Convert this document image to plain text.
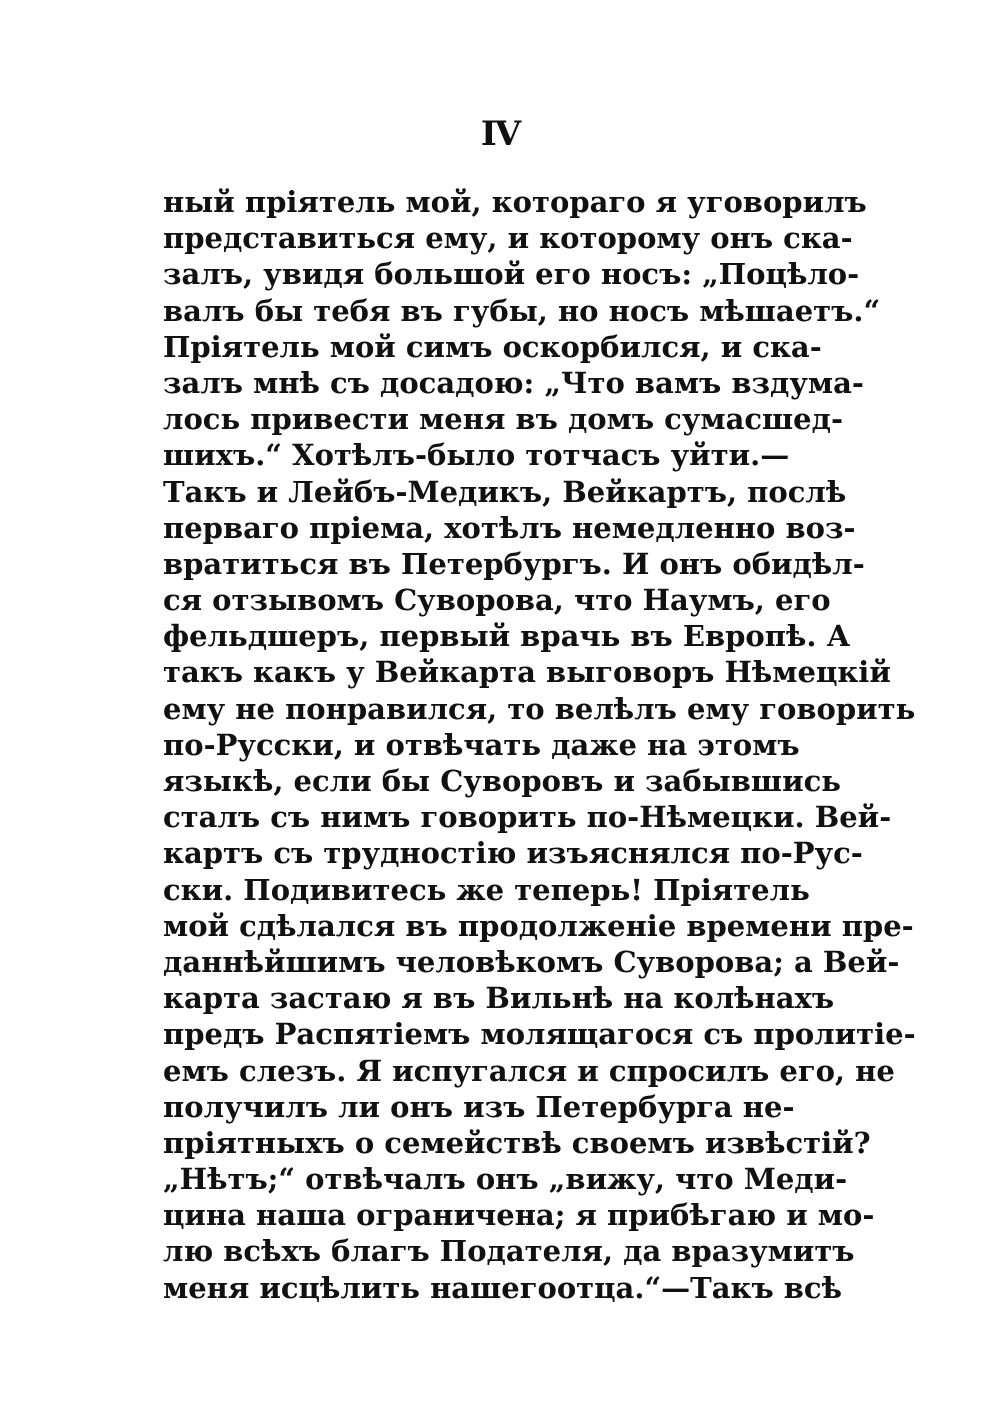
IV
ный пріятель мой, котораго я уговорилъ
представиться ему, и которому онъ ска-
залъ, увидя большой его носъ: „Поцѣло-
валъ бы тебя въ губы, но носъ мѣшаетъ.“
Пріятель мой симъ оскорбился, и ска-
залъ мнѣ съ досадою: „Что вамъ вздума-
лось привести меня въ домъ сумасшед-
шихъ.“ Хотѣлъ-было тотчасъ уйти.—
Такъ и Лейбъ-Медикъ, Вейкартъ, послѣ
перваго пріема, хотѣлъ немедленно воз-
вратиться въ Петербургъ. И онъ обидѣл-
ся отзывомъ Суворова, что Наумъ, его
фельдшеръ, первый врачь въ Европѣ. А
такъ какъ у Вейкарта выговоръ Нѣмецкій
ему не понравился, то велѣлъ ему говорить
по-Русски, и отвѣчать даже на этомъ
языкѣ, если бы Суворовъ и забывшись
сталъ съ нимъ говорить по-Нѣмецки. Вей-
картъ съ трудностію изъяснялся по-Рус-
ски. Подивитесь же теперь! Пріятель
мой сдѣлался въ продолженіе времени пре-
даннѣйшимъ человѣкомъ Суворова; а Вей-
карта застаю я въ Вильнѣ на колѣнахъ
предъ Распятіемъ молящагося съ пролитіе-
емъ слезъ. Я испугался и спросилъ его, не
получилъ ли онъ изъ Петербурга не-
пріятныхъ о семействѣ своемъ извѣстій?
„Нѣтъ;“ отвѣчалъ онъ „вижу, что Меди-
цина наша ограничена; я прибѣгаю и мо-
лю всѣхъ благъ Подателя, да вразумитъ
меня исцѣлить нашегоотца.“—Такъ всѣ
